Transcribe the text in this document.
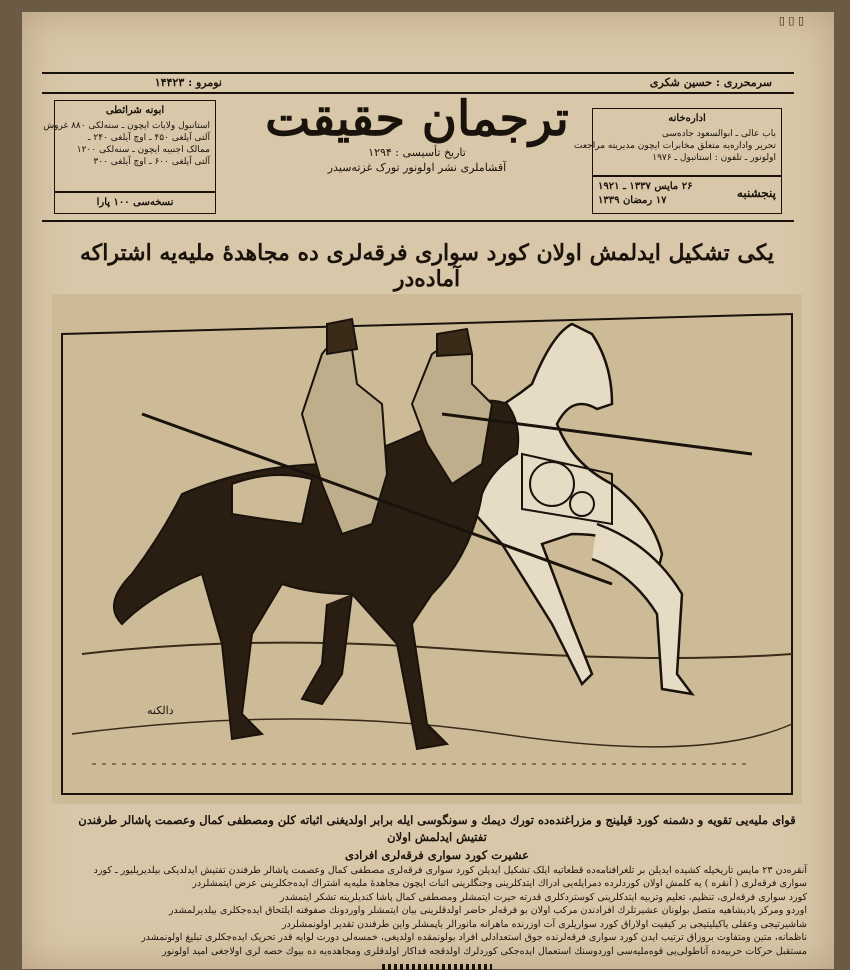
▯ ▯ ▯
نومرو : ۱۴۴۲۳	سرمحرری : حسین شکری
ابونه شرائطی
استانبول ولایات ایچون ـ سنه‌لکی ۸۸۰ غروش
آلتی آیلغی ۴۵۰ ـ اوچ آیلغی ۲۴۰ ـ
ممالک اجنبیه ایچون ـ سنه‌لکی ۱۲۰۰
آلتی آیلغی ۶۰۰ ـ اوچ آیلغی ۳۰۰
نسخه‌سی ۱۰۰ پارا
ترجمان حقیقت
تاریخ تأسیسی : ۱۲۹۴
آقشاملری نشر اولونور تورک غزته‌سیدر
اداره‌خانه
باب عالی ـ ابوالسعود جاده‌سی
تحریر واداره‌یه متعلق مخابرات ایچون مدیریته مراجعت
اولونور ـ تلفون : استانبول ـ ۱۹۷۶
پنجشنبه
۲۶ مایس ۱۳۳۷ ـ ۱۹۲۱
۱۷ رمضان ۱۳۳۹
یکی تشکیل ایدلمش اولان کورد سواری فرقه‌لری ده مجاهدهٔ ملیه‌یه اشتراکه آماده‌در
دالکنه
قوای ملیه‌یی تقویه و دشمنه کورد قیلینج و مزراغنده‌ده تورك دیمك و سونگوسی ایله برابر اولدیغنی اثباته کلن ومصطفی کمال وعصمت پاشالر طرفندن تفتیش ایدلمش اولان
عشیرت کورد سواری فرقه‌لری افرادی

آنقره‌دن ۲۳ مایس تاریخیله کشیده ایدیلن بر تلغرافنامه‌ده قطعاتیه ایلک تشکیل ایدیلن کورد سواری فرقه‌لری مصطفی کمال وعصمت پاشالر طرفندن تفتیش ایدلدیکی بیلدیریلیور ـ کورد

سواری فرقه‌لری ( آنقره ) یه کلمش اولان کوردلرده دمرایله‌یی ادراك ایتدکلرینی وجنگلرینی اثبات ایچون مجاهدهٔ ملیه‌یه اشتراك ایده‌جکلرینی عرض ایتمشلردر

کورد سواری فرقه‌لری، تنظیم، تعلیم وتربیه ایتدکلرینی کوستردکلری قدرته حیرت ایتمشلر ومصطفی کمال پاشا کندیلرینه تشکر ایتمشدر

اوردو ومرکز پادیشاهیه متصل بولونان عشیرتلرك افرادندن مرکب اولان بو فرقه‌لر حاضر اولدقلرینی بیان ایتمشلر واوردونك صفوفنه ایلتحاق ایده‌جکلری بیلدیرلمشدر

شاشیرتیجی وعقلی یاکیلیتیجی بر کیفیت اولاراق کورد سواریلری آت اوزرنده ماهرانه مانورالر یاپمشلر واین طرفندن تقدیر اولونمشلردر

ناظمانه، متین ومتفاوت بروزاق ترتیب ایدن کورد سواری فرقه‌لرنده جوق استعدادلی افراد بولونمقده اولدیغی، خمسه‌لی دورت لوایه قدر تحریک ایده‌جکلری تبلیغ اولونمشدر

مستقبل حرکات حربیه‌ده آناطولی‌یی قوه‌ملیه‌سی اوردوسنك استعمال ایده‌جکی کوردلرك اولدقجه فداکار اولدقلری ومجاهده‌یه ده بیوك حصه‌ لری اولاجغی امید اولونور
